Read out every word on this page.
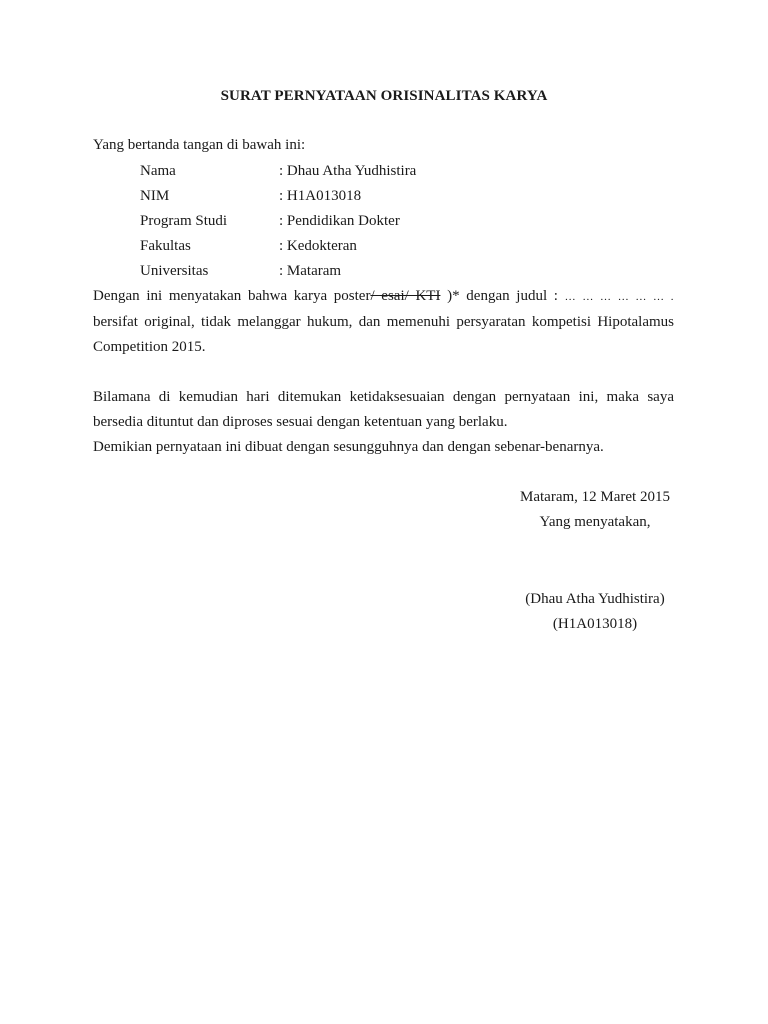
SURAT PERNYATAAN ORISINALITAS KARYA
Yang bertanda tangan di bawah ini:
Nama	: Dhau Atha Yudhistira
NIM	: H1A013018
Program Studi	: Pendidikan Dokter
Fakultas	: Kedokteran
Universitas	: Mataram
Dengan ini menyatakan bahwa karya poster/ esai/ KTI )* dengan judul : … … … … … … .
bersifat original, tidak melanggar hukum, dan memenuhi persyaratan kompetisi Hipotalamus
Competition 2015.
Bilamana di kemudian hari ditemukan ketidaksesuaian dengan pernyataan ini, maka saya
bersedia dituntut dan diproses sesuai dengan ketentuan yang berlaku.
Demikian pernyataan ini dibuat dengan sesungguhnya dan dengan sebenar-benarnya.
Mataram, 12 Maret 2015
Yang menyatakan,
(Dhau Atha Yudhistira)
(H1A013018)
